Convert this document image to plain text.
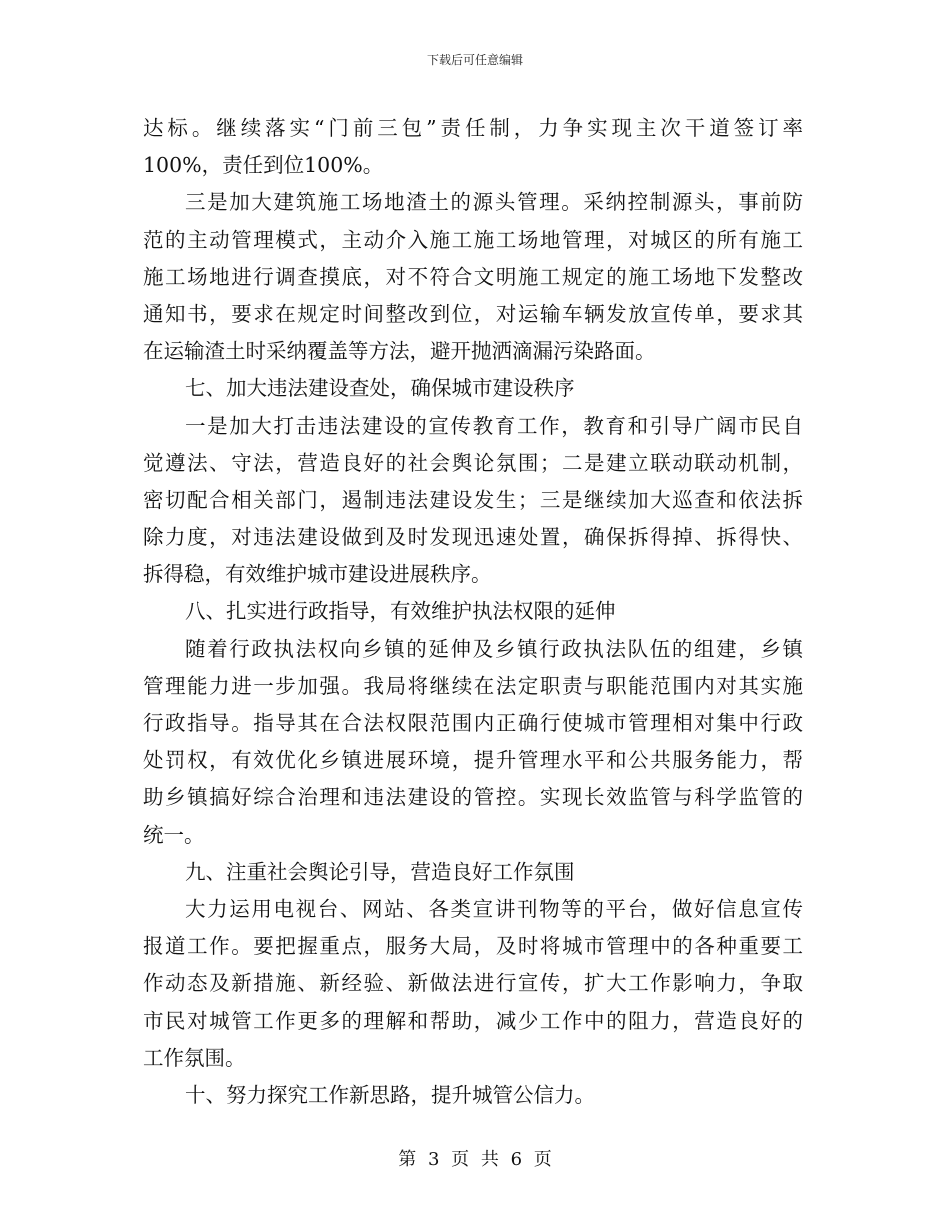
下载后可任意编辑
达标。继续落实“门前三包”责任制，力争实现主次干道签订率
100%，责任到位100%。
三是加大建筑施工场地渣土的源头管理。采纳控制源头，事前防
范的主动管理模式，主动介入施工施工场地管理，对城区的所有施工
施工场地进行调查摸底，对不符合文明施工规定的施工场地下发整改
通知书，要求在规定时间整改到位，对运输车辆发放宣传单，要求其
在运输渣土时采纳覆盖等方法，避开抛洒滴漏污染路面。
七、加大违法建设查处，确保城市建设秩序
一是加大打击违法建设的宣传教育工作，教育和引导广阔市民自
觉遵法、守法，营造良好的社会舆论氛围；二是建立联动联动机制，
密切配合相关部门，遏制违法建设发生；三是继续加大巡查和依法拆
除力度，对违法建设做到及时发现迅速处置，确保拆得掉、拆得快、
拆得稳，有效维护城市建设进展秩序。
八、扎实进行政指导，有效维护执法权限的延伸
随着行政执法权向乡镇的延伸及乡镇行政执法队伍的组建，乡镇
管理能力进一步加强。我局将继续在法定职责与职能范围内对其实施
行政指导。指导其在合法权限范围内正确行使城市管理相对集中行政
处罚权，有效优化乡镇进展环境，提升管理水平和公共服务能力，帮
助乡镇搞好综合治理和违法建设的管控。实现长效监管与科学监管的
统一。
九、注重社会舆论引导，营造良好工作氛围
大力运用电视台、网站、各类宣讲刊物等的平台，做好信息宣传
报道工作。要把握重点，服务大局，及时将城市管理中的各种重要工
作动态及新措施、新经验、新做法进行宣传，扩大工作影响力，争取
市民对城管工作更多的理解和帮助，减少工作中的阻力，营造良好的
工作氛围。
十、努力探究工作新思路，提升城管公信力。
第 3 页 共 6 页
